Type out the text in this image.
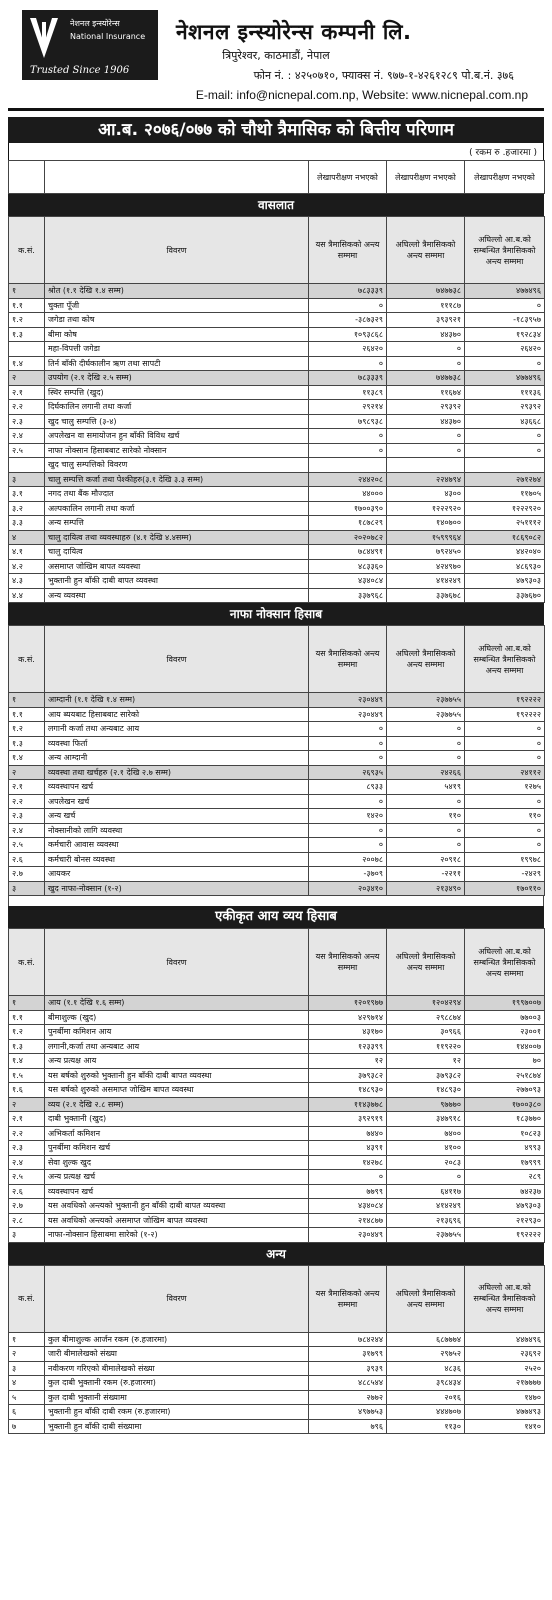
नेशनल इन्स्योरेन्स
National Insurance
Trusted Since 1906
नेशनल इन्स्योरेन्स कम्पनी लि.
त्रिपुरेश्वर, काठमाडौं, नेपाल
फोन नं. : ४२५०७१०, फ्याक्स नं. ९७७-१-४२६१२८९ पो.ब.नं. ३७६
E-mail: info@nicnepal.com.np, Website: www.nicnepal.com.np
आ.ब. २०७६/०७७ को चौथो त्रैमासिक को बित्तीय परिणाम
( रकम रु .हजारमा )
		लेखापरीक्षण नभएको	लेखापरीक्षण नभएको	लेखापरीक्षण नभएको
वासलात
क.सं.	विवरण	यस त्रैमासिकको अन्त्य सम्ममा	अघिल्लो त्रैमासिकको अन्त्य सम्ममा	अघिल्लो आ.ब.को सम्बन्धित त्रैमासिकको अन्त्य सम्ममा
१	श्रोत (१.१ देखि १.४ सम्म)	७८३३३९	७४७७३८	४७७४९६
१.१	चुक्ता पूँजी	०	१११८७	०
१.२	जगेडा तथा कोष	-३८७३२९	३९३९२१	-१८३९५७
१.३	बीमा कोष	१०९३८६८	४४३७०	१९२८३४
	महा-विपत्ती जगेडा	२६४२०	०	२६४२०
१.४	तिर्न बाँकी दीर्घकालीन ऋण तथा सापटी	०	०	०
२	उपयोग (२.१ देखि २.५ सम्म)	७८३३३९	७४७७३८	४७७४९६
२.१	स्थिर सम्पत्ति (खुद)	११३८९	११६७४	१११३६
२.२	दिर्घकालिन लगानी तथा कर्जा	२९२१४	२९३९२	२९३९२
२.३	खुद चालु सम्पत्ति (३-४)	७९८९३८	४४३७०	४३६६८
२.४	अपलेखन वा समायोजन हुन बाँकी विविध खर्च	०	०	०
२.५	नाफा नोक्सान हिसाबबाट सारेको नोक्सान	०	०	०
	खुद चालु सम्पत्तिको विवरण			
३	चालु सम्पत्ति कर्जा तथा पेश्कीहरु(३.१ देखि ३.३ सम्म)	२४४२०८	२२४७९४	२७१२७४
३.१	नगद तथा बैंक मौज्दात	४४०००	४३००	११७०५
३.२	अल्पकालिन लगानी तथा कर्जा	१७००३९०	१२२२९२०	१२२२९२०
३.३	अन्य सम्पत्ति	१८७८२९	१४०७००	२५१११२
४	चालु दायित्व तथा व्यवस्थाहरु (४.१ देखि ४.४सम्म)	२०२०७८२	१५९९९६४	१८६९०८२
४.१	चालु दायित्व	७८४४९१	७९२४५०	४४२०४०
४.२	असमाप्त जोखिम बापत व्यवस्था	४८३३६०	४२४९७०	४८६९३०
४.३	भुक्तानी हुन बाँकी दाबी बापत व्यवस्था	४३४०८४	४१४२४९	४७९३०३
४.४	अन्य व्यवस्था	३३७९६८	३३७६७८	३३७६७०
नाफा नोक्सान हिसाब
क.सं.	विवरण	यस त्रैमासिकको अन्त्य सम्ममा	अघिल्लो त्रैमासिकको अन्त्य सम्ममा	अघिल्लो आ.ब.को सम्बन्धित त्रैमासिकको अन्त्य सम्ममा
१	आम्दानी (१.१ देखि १.४ सम्म)	२३०४४९	२३७७५५	१९२२२२
१.१	आय ब्ययबाट हिसाबबाट सारेको	२३०४४९	२३७७५५	१९२२२२
१.२	लगानी कर्जा तथा अन्यबाट आय	०	०	०
१.३	व्यवस्था फिर्ता	०	०	०
१.४	अन्य आम्दानी	०	०	०
२	व्यवस्था तथा खर्चहरु (२.१ देखि २.७ सम्म)	२६९३५	२४२६६	२४११२
२.१	व्यवस्थापन खर्च	८९३३	५४१९	१२७५
२.२	अपलेखन खर्च	०	०	०
२.३	अन्य खर्च	१४२०	११०	११०
२.४	नोक्सानीको लागि व्यवस्था	०	०	०
२.५	कर्मचारी आवास व्यवस्था	०	०	०
२.६	कर्मचारी बोनस व्यवस्था	२००७८	२०९१८	१९९७८
२.७	आयकर	-३७०९	-२२११	-२४२९
३	खुद नाफा-नोक्सान (१-२)	२०३४१०	२१३४९०	१७०११०
एकीकृत आय व्यय हिसाब
क.सं.	विवरण	यस त्रैमासिकको अन्त्य सम्ममा	अघिल्लो त्रैमासिकको अन्त्य सम्ममा	अघिल्लो आ.ब.को सम्बन्धित त्रैमासिकको अन्त्य सम्ममा
१	आय (१.१ देखि १.६ सम्म)	१२०१९७७	१२०४२९४	१९९७००७
१.१	बीमाशुल्क (खुद)	४२९७१४	२९८८७४	७७००३
१.२	पुनर्बीमा कमिशन आय	४३१७०	३०९६६	२३००१
१.३	लगानी,कर्जा तथा अन्यबाट आय	१२३३९९	११९२२०	१४४००७
१.४	अन्य प्रत्यक्ष आय	१२	१२	७०
१.५	यस बर्षको शुरुको भुक्तानी हुन बाँकी दाबी बापत व्यवस्था	३७९३८२	३७९३८२	२५१८७४
१.६	यस बर्षको शुरुको असमाप्त जोखिम बापत व्यवस्था	१४८९३०	१४८९३०	२७७०९३
२	व्यय (२.१ देखि २.८ सम्म)	११४३७७८	९७७७०	१७००३८०
२.१	दाबी भुक्तानी (खुद)	३९२९१९	३४७९१८	१८३७७०
२.२	अभिकर्ता कमिशन	७४४०	७४००	१०८२३
२.३	पुनर्बीमा कमिशन खर्च	४३९१	४१००	४९९३
२.४	सेवा शुल्क खुद	१४२७८	२०८३	१७९९९
२.५	अन्य प्रत्यक्ष खर्च	०	०	२८९
२.६	व्यवस्थापन खर्च	७७९९	६४११७	७४२३७
२.७	यस अवधिको अन्त्यको भुक्तानी हुन बाँकी दाबी बापत व्यवस्था	४३४०८४	४१४२४९	४७९३०३
२.८	यस अवधिको अन्त्यको असमाप्त जोखिम बापत व्यवस्था	२१४८७७	२१३६९६	२१२९३०
३	नाफा-नोक्सान हिसाबमा सारेको (१-२)	२३०४४९	२३७७५५	१९२२२२
अन्य
क.सं.	विवरण	यस त्रैमासिकको अन्त्य सम्ममा	अघिल्लो त्रैमासिकको अन्त्य सम्ममा	अघिल्लो आ.ब.को सम्बन्धित त्रैमासिकको अन्त्य सम्ममा
१	कुल बीमाशुल्क आर्जन रकम (रु.हजारमा)	७८४२४४	६८७७७४	४४७४९६
२	जारी बीमालेखको संख्या	३१७९९	२९७५२	२३६९२
३	नवीकरण गरिएको बीमालेखको संख्या	३९३९	४८३६	२५२०
४	कुल दाबी भुक्तानी रकम (रु.हजारमा)	४८८५४४	३९८४३४	२१७७७७
५	कुल दाबी भुक्तानी संख्यामा	२७७२	२०१६	१४७०
६	भुक्तानी हुन बाँकी दाबी रकम (रु.हजारमा)	४९७७५३	४४४७०७	४७७४९३
७	भुक्तानी हुन बाँकी दाबी संख्यामा	७९६	११३०	१४१०
